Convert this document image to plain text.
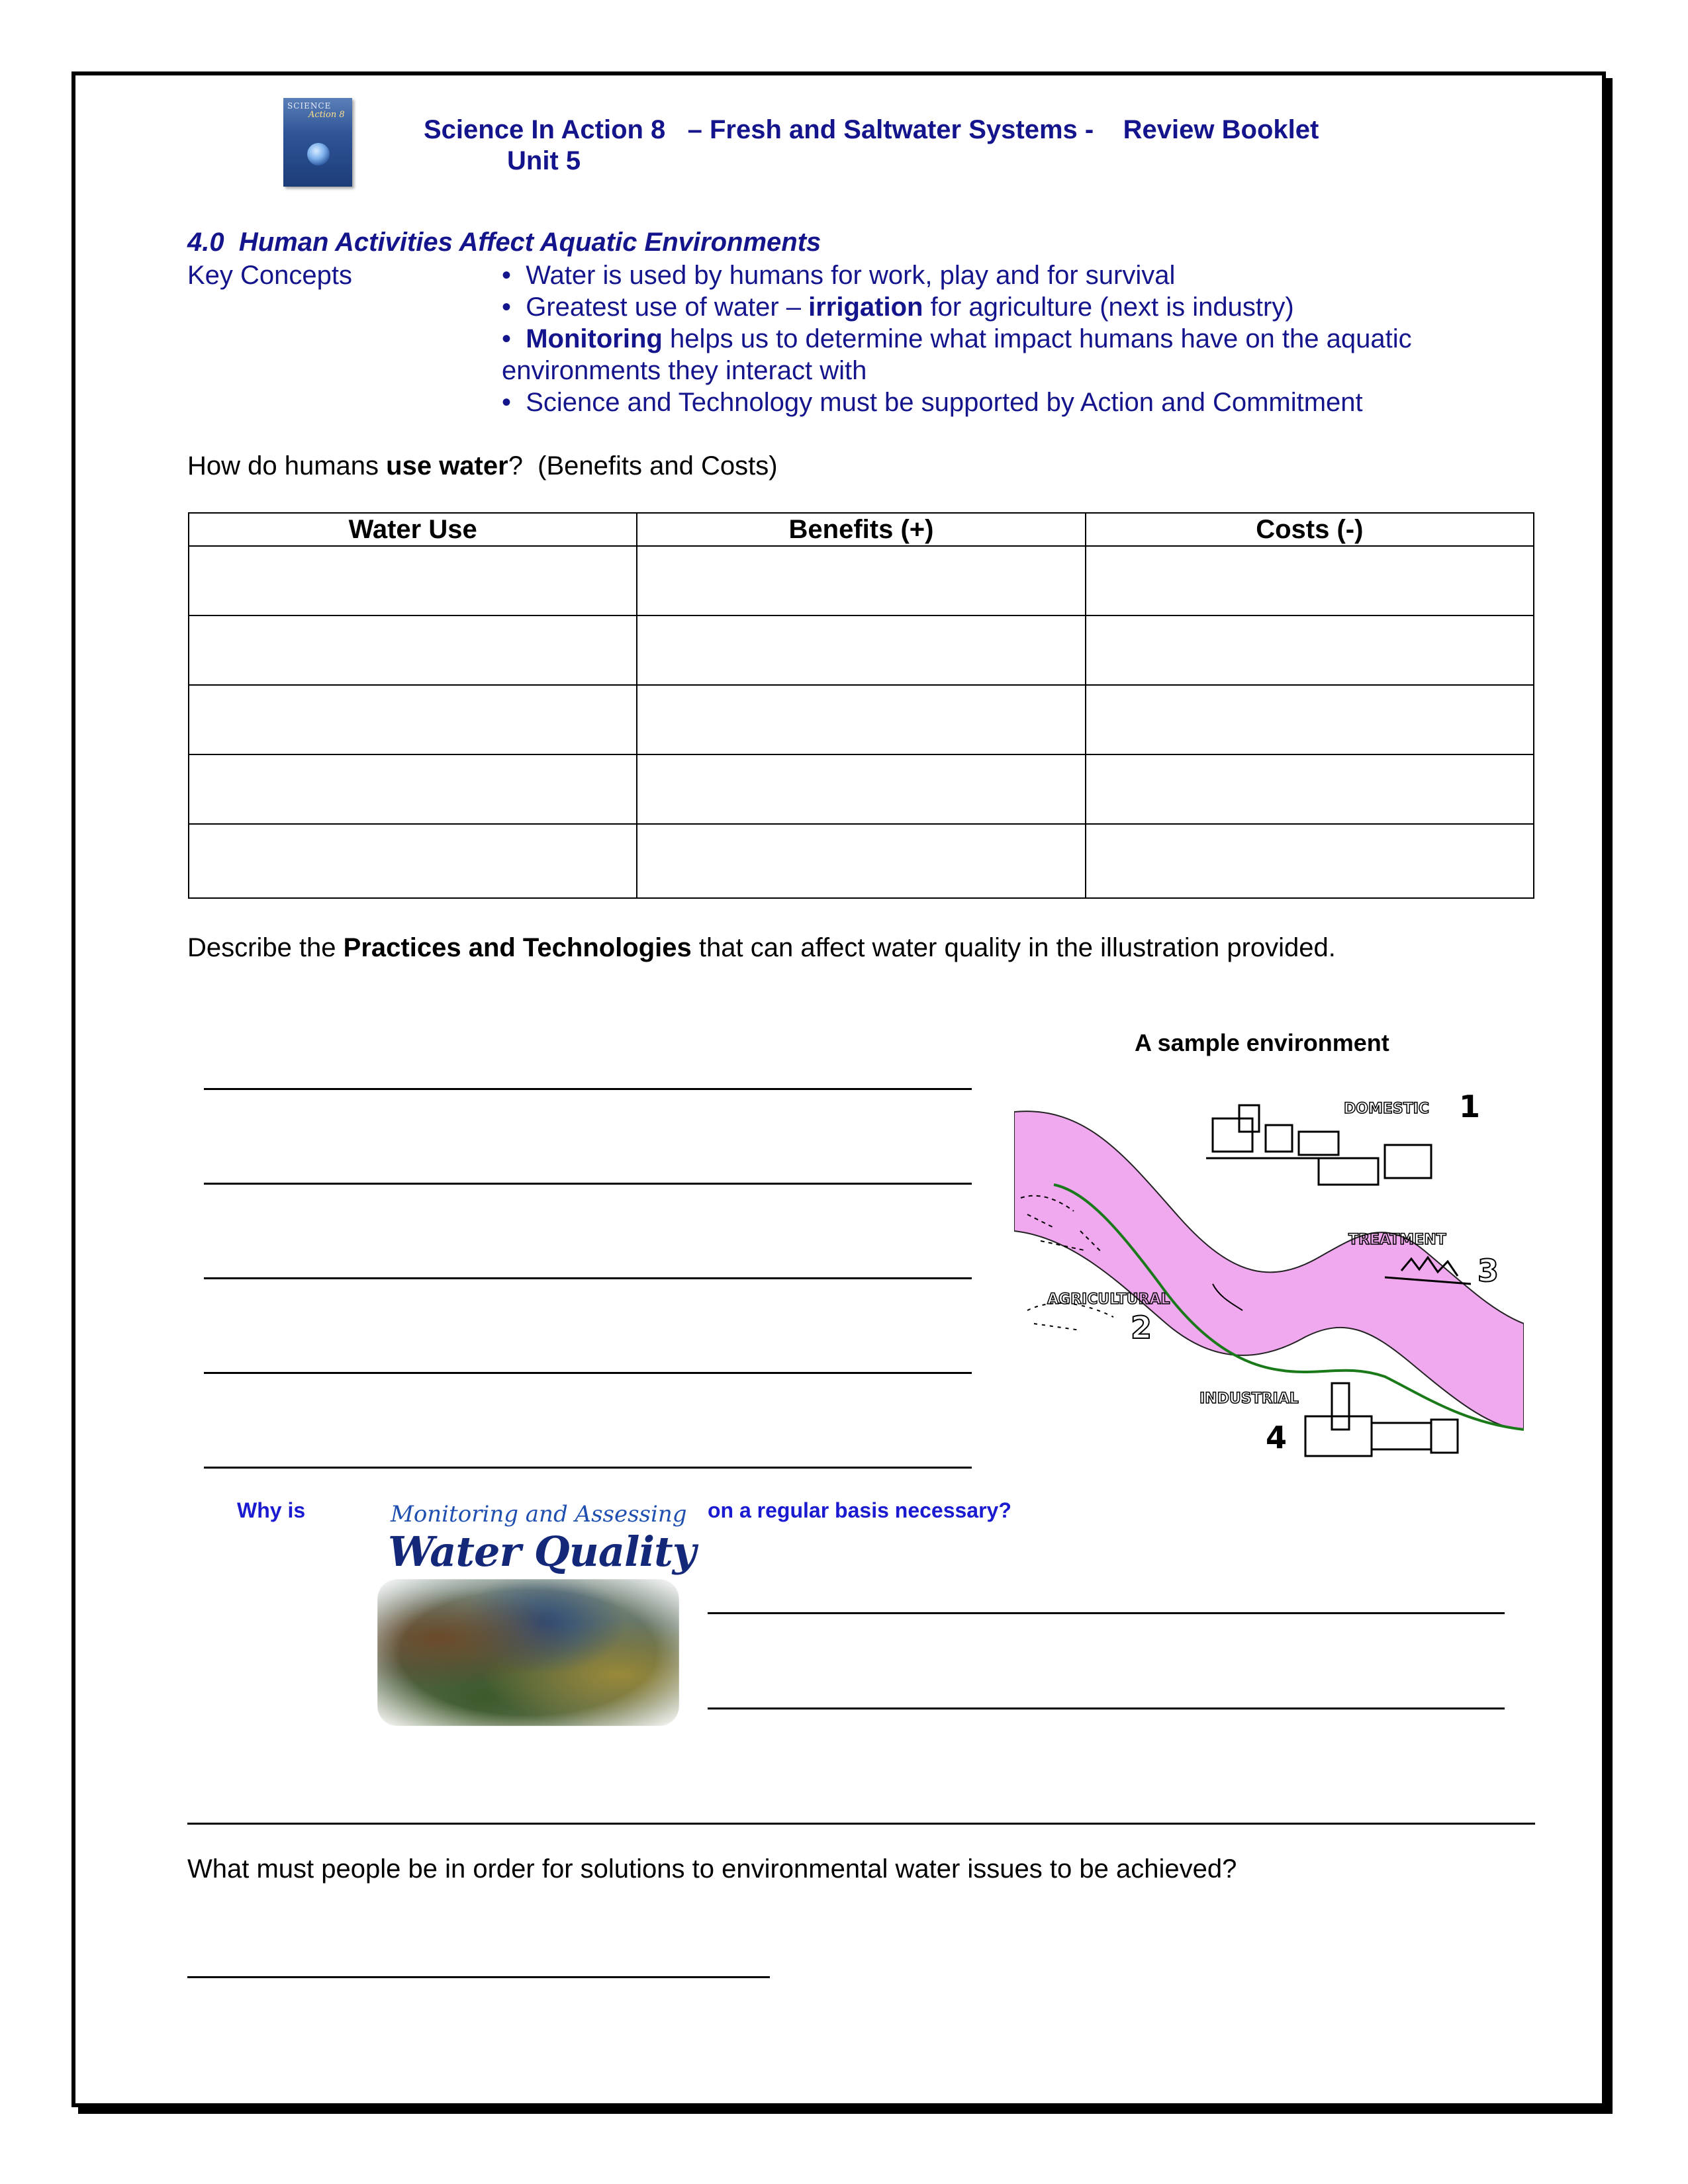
SCIENCE
Action 8
Science In Action 8   – Fresh and Saltwater Systems -    Review Booklet
Unit 5
4.0  Human Activities Affect Aquatic Environments
Key Concepts	•  Water is used by humans for work, play and for survival
•  Greatest use of water – irrigation for agriculture (next is industry)
•  Monitoring helps us to determine what impact humans have on the aquatic
environments they interact with
•  Science and Technology must be supported by Action and Commitment
How do humans use water?  (Benefits and Costs)
Water Use	Benefits (+)	Costs (-)

Describe the Practices and Technologies that can affect water quality in the illustration provided.
A sample environment
DOMESTIC 1
TREATMENT
3
AGRICULTURAL
2
INDUSTRIAL
4
Why is	Monitoring and Assessing
Water Quality
on a regular basis necessary?
What must people be in order for solutions to environmental water issues to be achieved?
